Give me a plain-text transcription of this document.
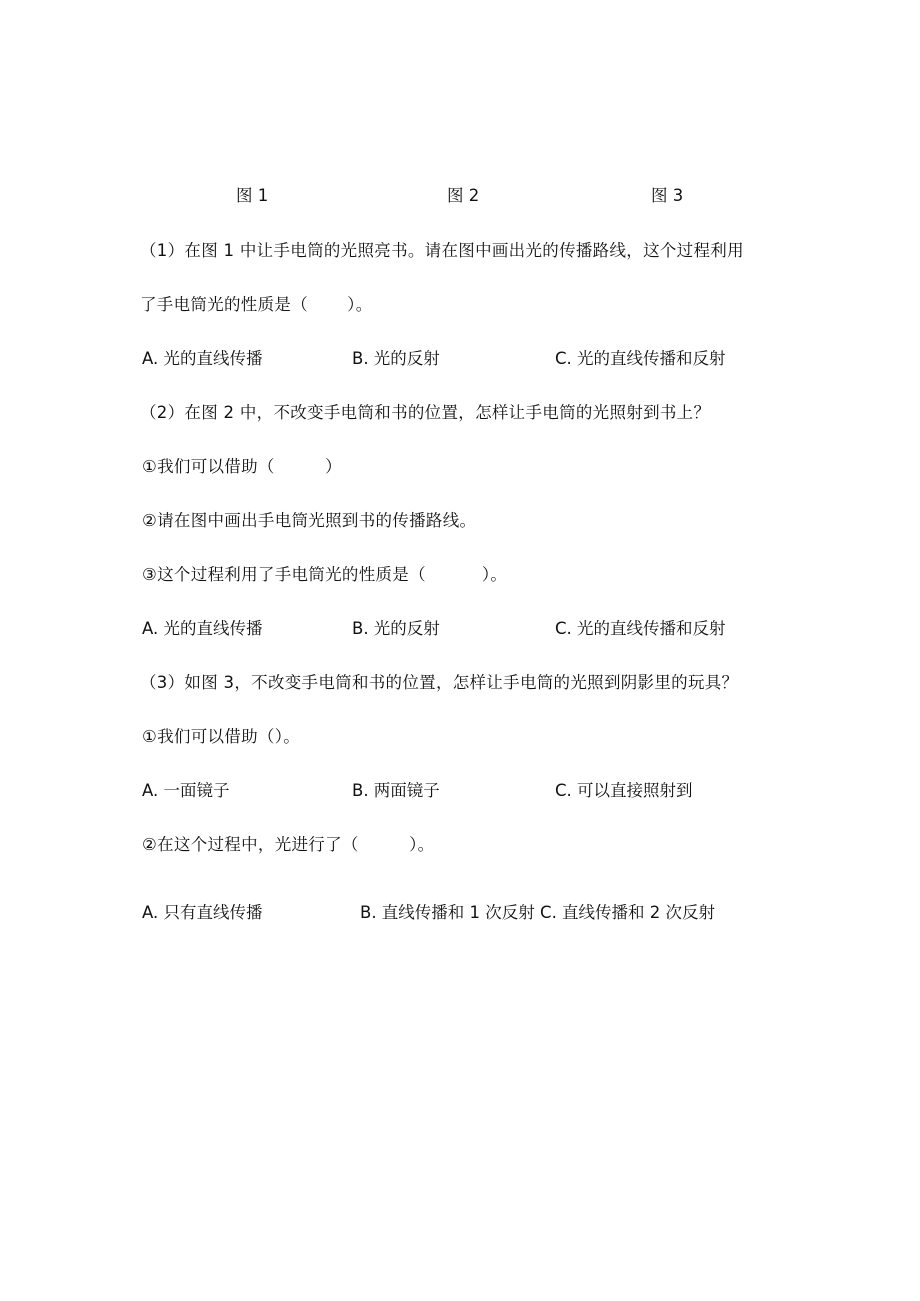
图 1	图 2	图 3
（1）在图 1 中让手电筒的光照亮书。请在图中画出光的传播路线，这个过程利用
了手电筒光的性质是（　　 ）。
A. 光的直线传播	B. 光的反射	C. 光的直线传播和反射
（2）在图 2 中，不改变手电筒和书的位置，怎样让手电筒的光照射到书上？
①我们可以借助（　　　）
②请在图中画出手电筒光照到书的传播路线。
③这个过程利用了手电筒光的性质是（　　　 ）。
A. 光的直线传播	B. 光的反射	C. 光的直线传播和反射
（3）如图 3，不改变手电筒和书的位置，怎样让手电筒的光照到阴影里的玩具？
①我们可以借助（）。
A. 一面镜子	B. 两面镜子	C. 可以直接照射到
②在这个过程中，光进行了（　　　）。
A. 只有直线传播	B. 直线传播和 1 次反射 C. 直线传播和 2 次反射
